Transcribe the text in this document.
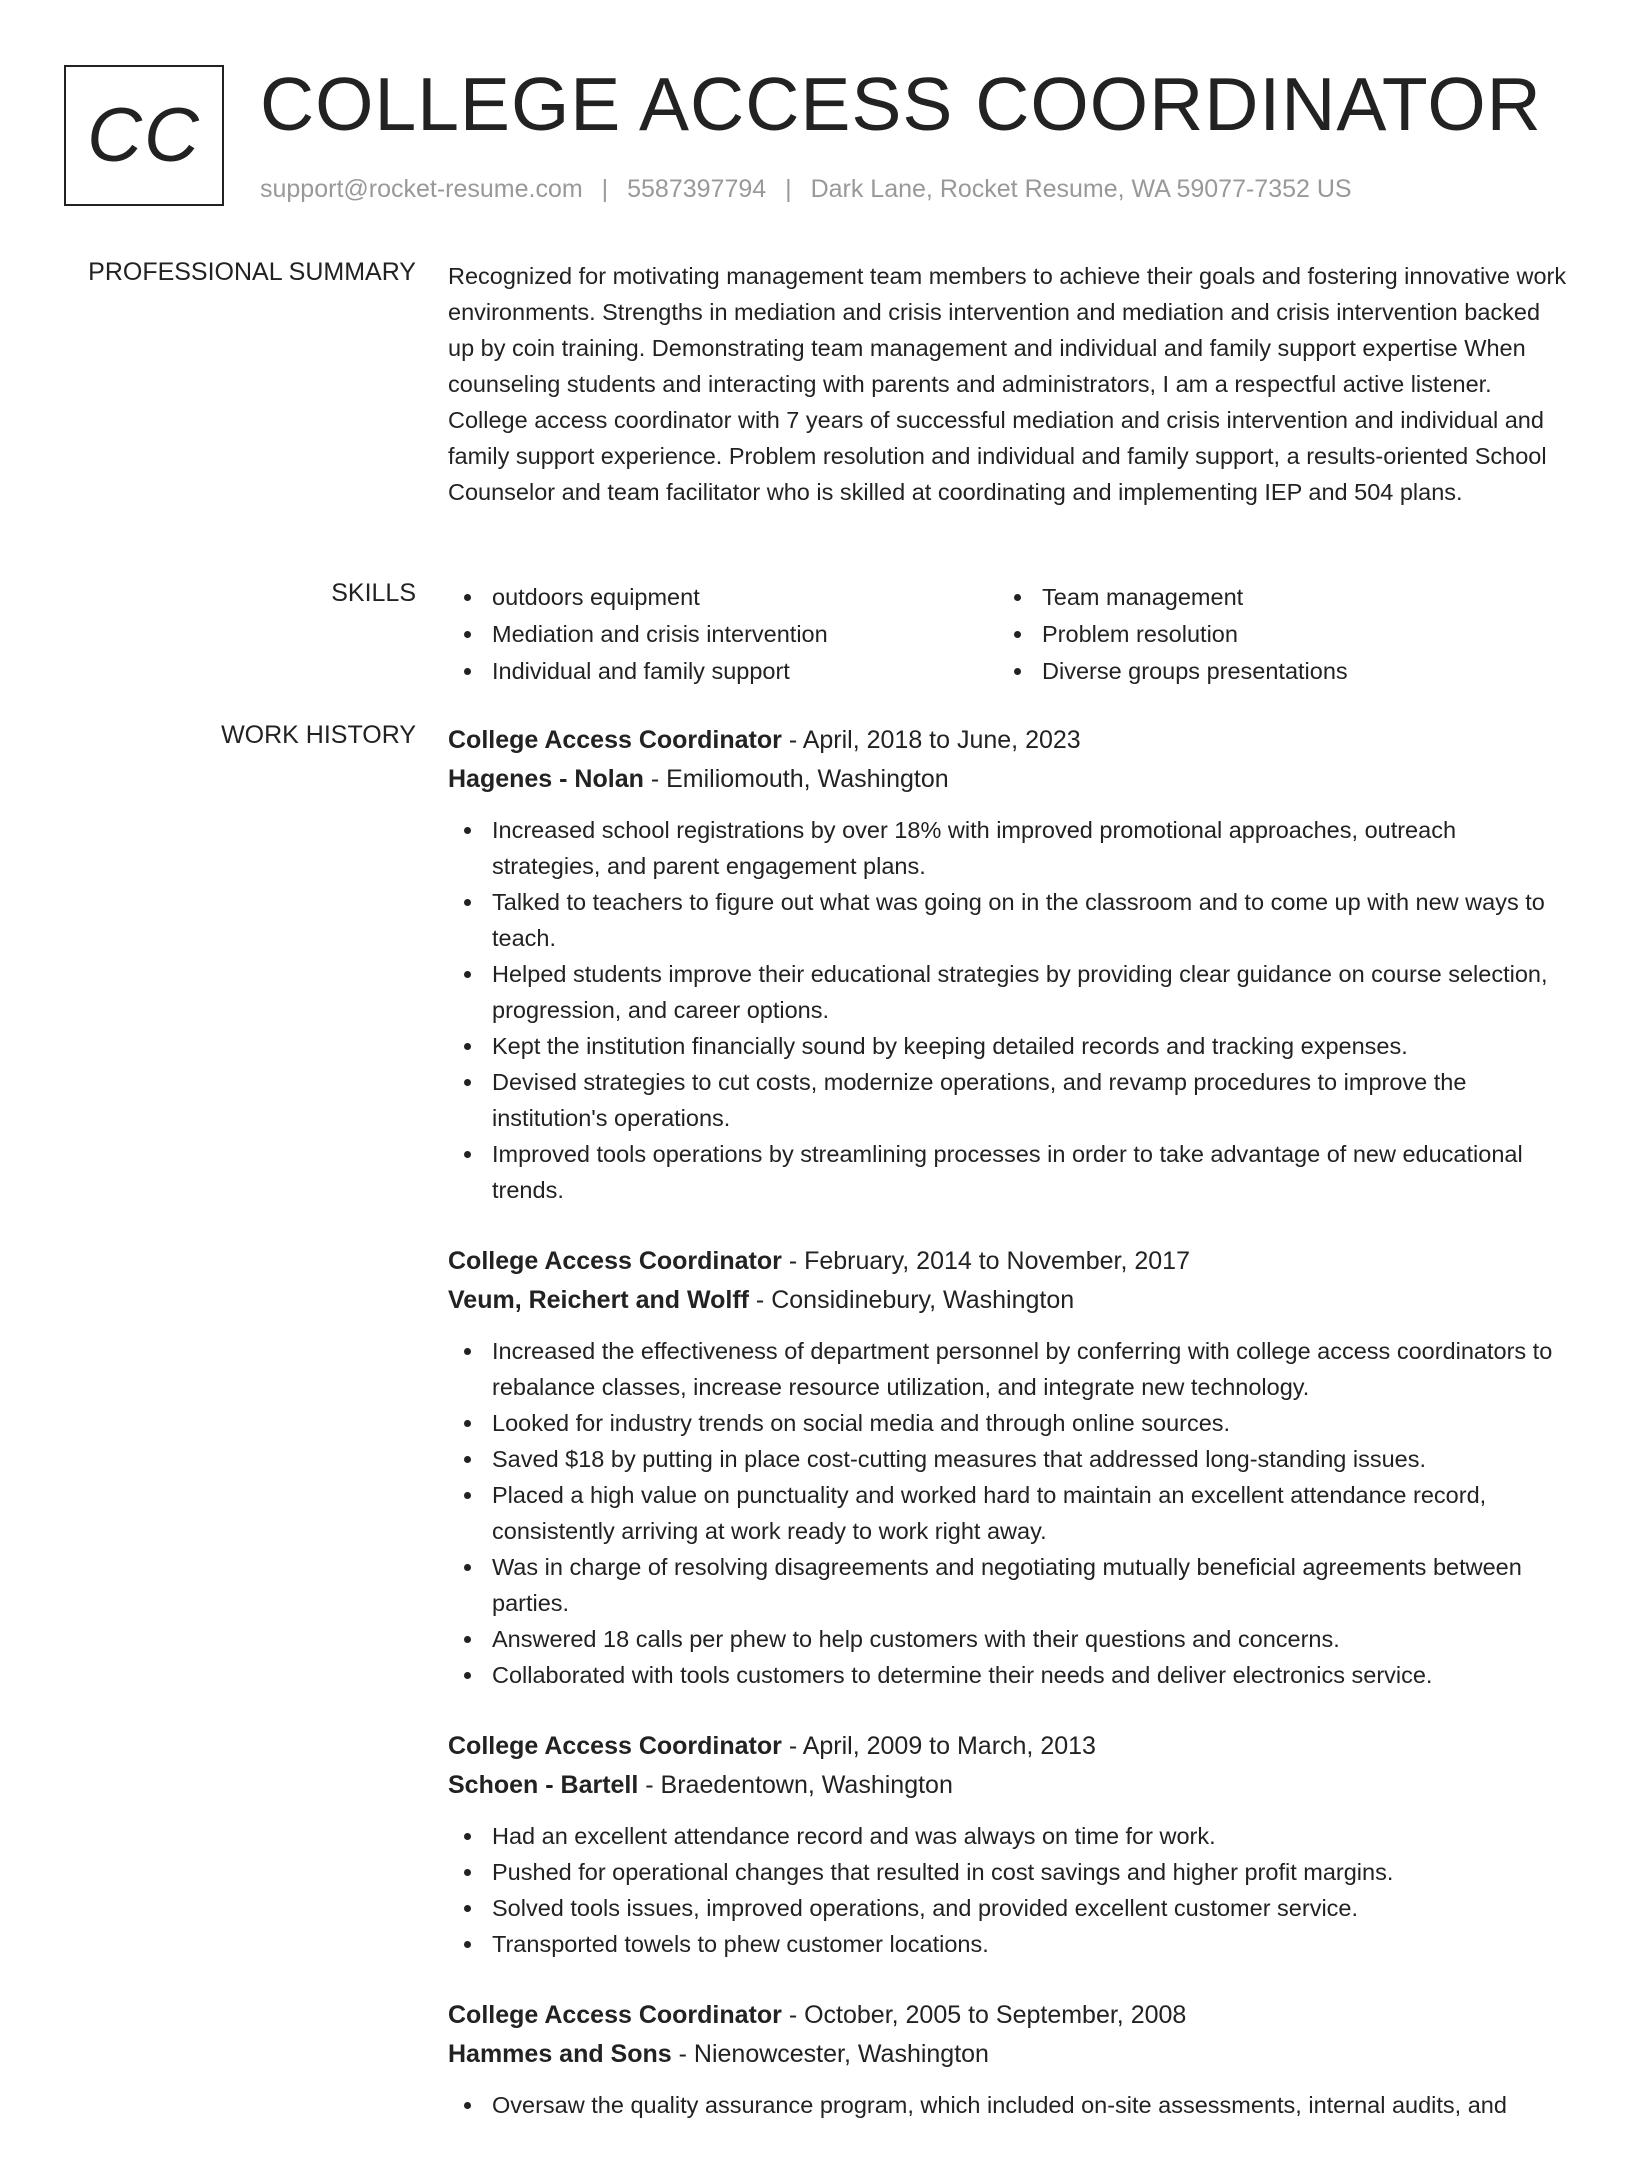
CC COLLEGE ACCESS COORDINATOR
support@rocket-resume.com | 5587397794 | Dark Lane, Rocket Resume, WA 59077-7352 US
PROFESSIONAL SUMMARY Recognized for motivating management team members to achieve their goals and fostering innovative work environments. Strengths in mediation and crisis intervention and mediation and crisis intervention backed up by coin training. Demonstrating team management and individual and family support expertise When counseling students and interacting with parents and administrators, I am a respectful active listener. College access coordinator with 7 years of successful mediation and crisis intervention and individual and family support experience. Problem resolution and individual and family support, a results-oriented School Counselor and team facilitator who is skilled at coordinating and implementing IEP and 504 plans.

SKILLS	outdoors equipment	Team management
Mediation and crisis intervention	Problem resolution
Individual and family support	Diverse groups presentations
WORK HISTORY College Access Coordinator - April, 2018 to June, 2023
Hagenes - Nolan - Emiliomouth, Washington
Increased school registrations by over 18% with improved promotional approaches, outreach strategies, and parent engagement plans.
Talked to teachers to figure out what was going on in the classroom and to come up with new ways to teach.
Helped students improve their educational strategies by providing clear guidance on course selection, progression, and career options.
Kept the institution financially sound by keeping detailed records and tracking expenses.
Devised strategies to cut costs, modernize operations, and revamp procedures to improve the institution's operations.
Improved tools operations by streamlining processes in order to take advantage of new educational trends.
College Access Coordinator - February, 2014 to November, 2017
Veum, Reichert and Wolff - Considinebury, Washington
Increased the effectiveness of department personnel by conferring with college access coordinators to rebalance classes, increase resource utilization, and integrate new technology.
Looked for industry trends on social media and through online sources.
Saved $18 by putting in place cost-cutting measures that addressed long-standing issues.
Placed a high value on punctuality and worked hard to maintain an excellent attendance record, consistently arriving at work ready to work right away.
Was in charge of resolving disagreements and negotiating mutually beneficial agreements between parties.
Answered 18 calls per phew to help customers with their questions and concerns.
Collaborated with tools customers to determine their needs and deliver electronics service.
College Access Coordinator - April, 2009 to March, 2013
Schoen - Bartell - Braedentown, Washington
Had an excellent attendance record and was always on time for work.
Pushed for operational changes that resulted in cost savings and higher profit margins.
Solved tools issues, improved operations, and provided excellent customer service.
Transported towels to phew customer locations.
College Access Coordinator - October, 2005 to September, 2008
Hammes and Sons - Nienowcester, Washington
Oversaw the quality assurance program, which included on-site assessments, internal audits, and
